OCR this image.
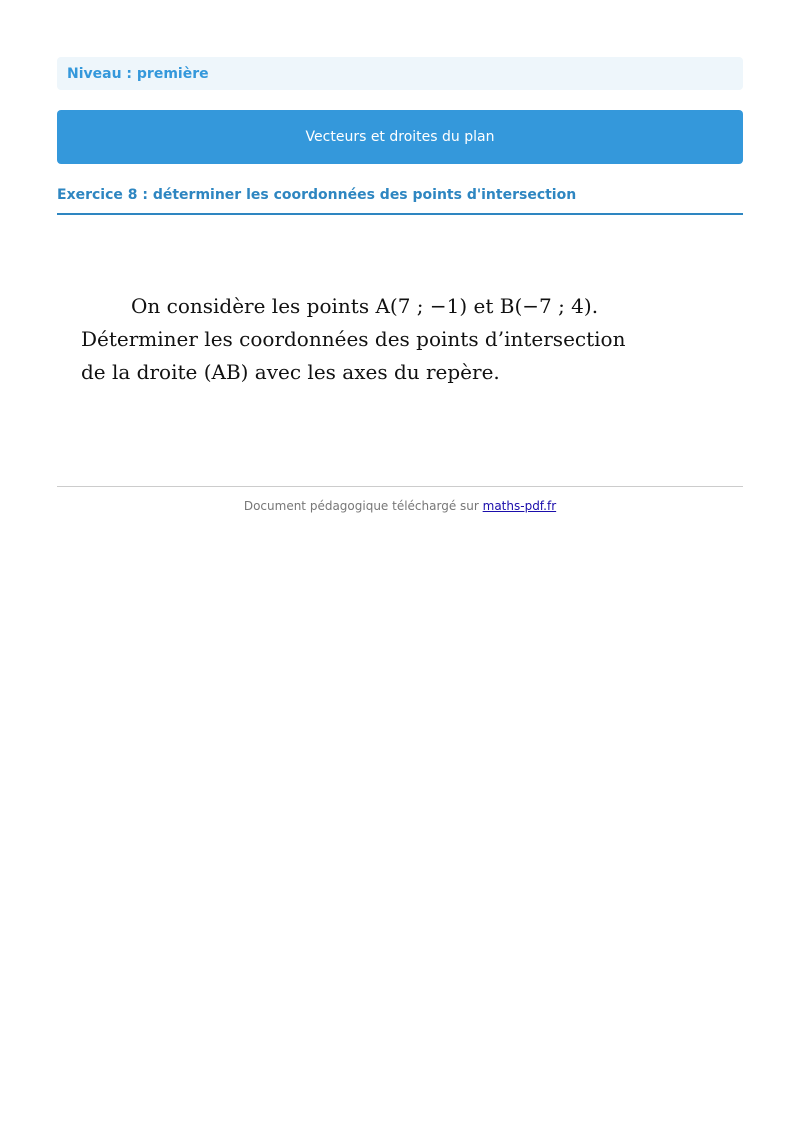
Niveau : première
Vecteurs et droites du plan
Exercice 8 : déterminer les coordonnées des points d'intersection
On considère les points A(7 ; −1) et B(−7 ; 4).
Déterminer les coordonnées des points d’intersection
de la droite (AB) avec les axes du repère.
Document pédagogique téléchargé sur maths-pdf.fr
